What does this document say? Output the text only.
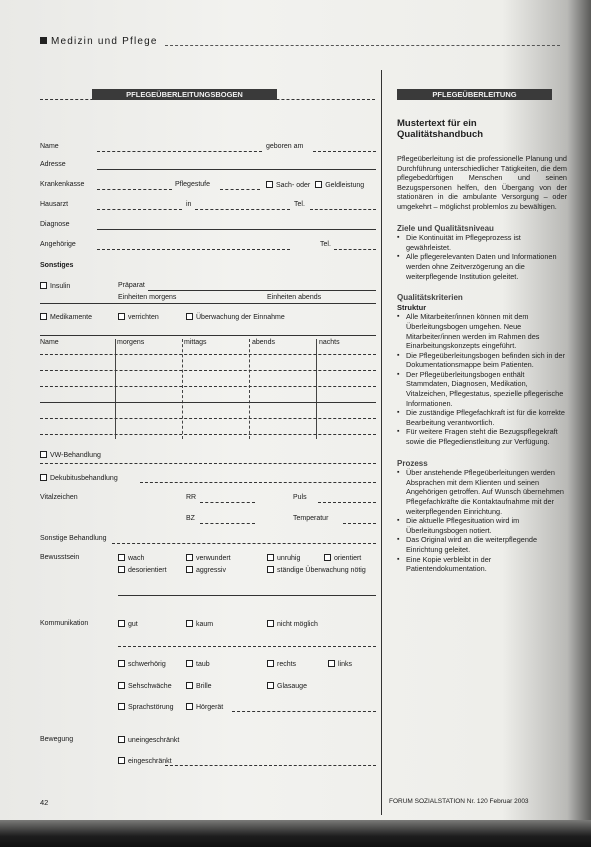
Medizin und Pflege
PFLEGEÜBERLEITUNGSBOGEN	PFLEGEÜBERLEITUNG
Name	geboren am
Adresse
Krankenkasse	Pflegestufe	Sach- oder Geldleistung
Hausarzt	in	Tel.
Diagnose
Angehörige	Tel.
Sonstiges
Insulin	Präparat
Einheiten morgens	Einheiten abends
Medikamente	verrichten	Überwachung der Einnahme
Name	morgens	mittags	abends	nachts
VW-Behandlung
Dekubitusbehandlung
Vitalzeichen	RR	Puls
BZ	Temperatur
Sonstige Behandlung
Bewusstsein	wach	verwundert	unruhig	orientiert
desorientiert	aggressiv	ständige Überwachung nötig
Kommunikation	gut	kaum	nicht möglich
schwerhörig	taub	rechts	links
Sehschwäche	Brille	Glasauge
Sprachstörung	Hörgerät
Bewegung	uneingeschränkt
eingeschränkt

Mustertext für ein Qualitätshandbuch

Pflegeüberleitung ist die professionelle Planung und Durchführung unterschiedlicher Tätigkeiten, die dem pflegebedürftigen Menschen und seinen Bezugspersonen helfen, den Übergang von der stationären in die ambulante Versorgung – oder umgekehrt – möglichst problemlos zu bewältigen.

Ziele und Qualitätsniveau

▪ Die Kontinuität im Pflegeprozess ist gewährleistet.

▪ Alle pflegerelevanten Daten und Informationen werden ohne Zeitverzögerung an die weiterpflegende Institution geleitet.

Qualitätskriterien

Struktur

▪ Alle Mitarbeiter/innen können mit dem Überleitungsbogen umgehen. Neue Mitarbeiter/innen werden im Rahmen des Einarbeitungskonzepts eingeführt.

▪ Die Pflegeüberleitungsbogen befinden sich in der Dokumentationsmappe beim Patienten.

▪ Der Pflegeüberleitungsbogen enthält Stammdaten, Diagnosen, Medikation, Vitalzeichen, Pflegestatus, spezielle pflegerische Informationen.

▪ Die zuständige Pflegefachkraft ist für die korrekte Bearbeitung verantwortlich.

▪ Für weitere Fragen steht die Bezugspflegekraft sowie die Pflegedienstleitung zur Verfügung.

Prozess

▪ Über anstehende Pflegeüberleitungen werden Absprachen mit dem Klienten und seinen Angehörigen getroffen. Auf Wunsch übernehmen Pflegefachkräfte die Kontaktaufnahme mit der weiterpflegenden Einrichtung.

▪ Die aktuelle Pflegesituation wird im Überleitungsbogen notiert.

▪ Das Original wird an die weiterpflegende Einrichtung geleitet.

▪ Eine Kopie verbleibt in der Patientendokumentation.

42	FORUM SOZIALSTATION Nr. 120 Februar 2003
